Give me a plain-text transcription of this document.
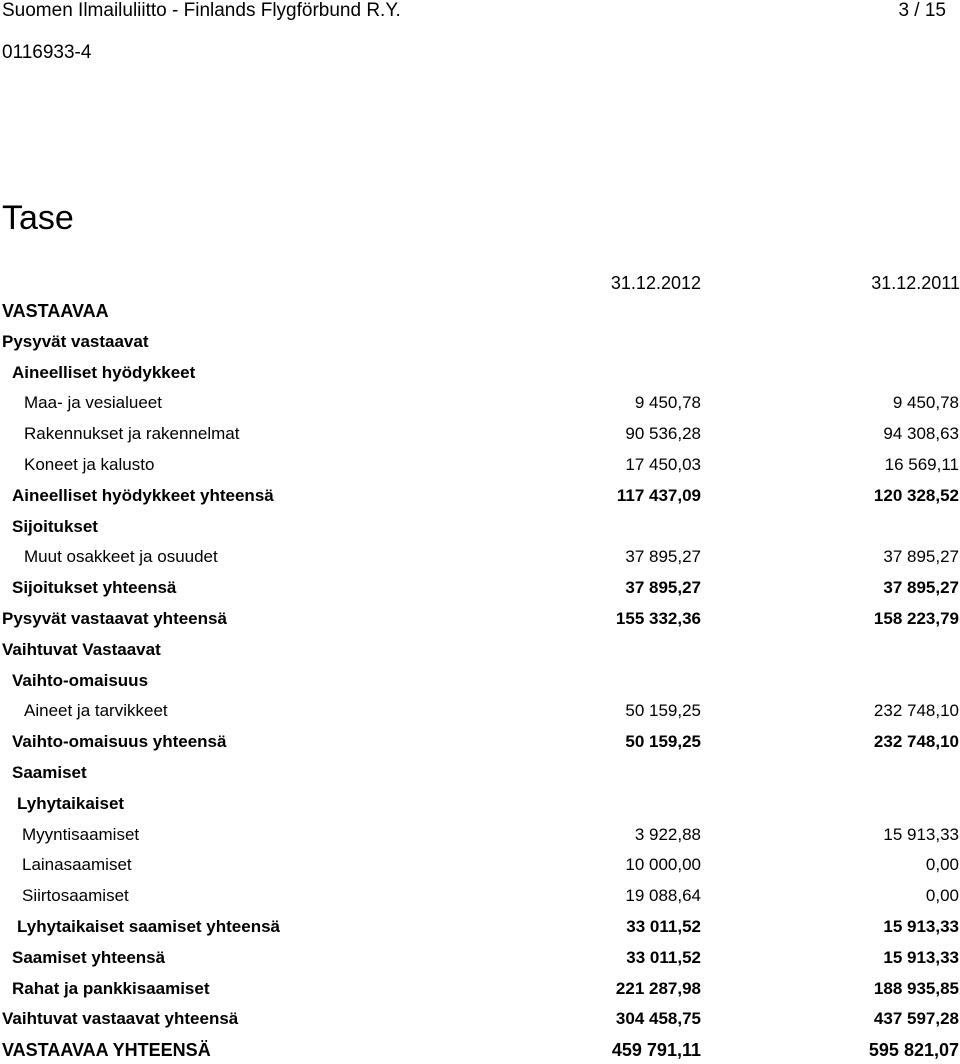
Suomen Ilmailuliitto - Finlands Flygförbund R.Y.	3 / 15
0116933-4
Tase
31.12.2012	31.12.2011
VASTAAVAA
Pysyvät vastaavat
Aineelliset hyödykkeet
Maa- ja vesialueet	9 450,78	9 450,78
Rakennukset ja rakennelmat	90 536,28	94 308,63
Koneet ja kalusto	17 450,03	16 569,11
Aineelliset hyödykkeet yhteensä	117 437,09	120 328,52
Sijoitukset
Muut osakkeet ja osuudet	37 895,27	37 895,27
Sijoitukset yhteensä	37 895,27	37 895,27
Pysyvät vastaavat yhteensä	155 332,36	158 223,79
Vaihtuvat Vastaavat
Vaihto-omaisuus
Aineet ja tarvikkeet	50 159,25	232 748,10
Vaihto-omaisuus yhteensä	50 159,25	232 748,10
Saamiset
Lyhytaikaiset
Myyntisaamiset	3 922,88	15 913,33
Lainasaamiset	10 000,00	0,00
Siirtosaamiset	19 088,64	0,00
Lyhytaikaiset saamiset yhteensä	33 011,52	15 913,33
Saamiset yhteensä	33 011,52	15 913,33
Rahat ja pankkisaamiset	221 287,98	188 935,85
Vaihtuvat vastaavat yhteensä	304 458,75	437 597,28
VASTAAVAA YHTEENSÄ	459 791,11	595 821,07
